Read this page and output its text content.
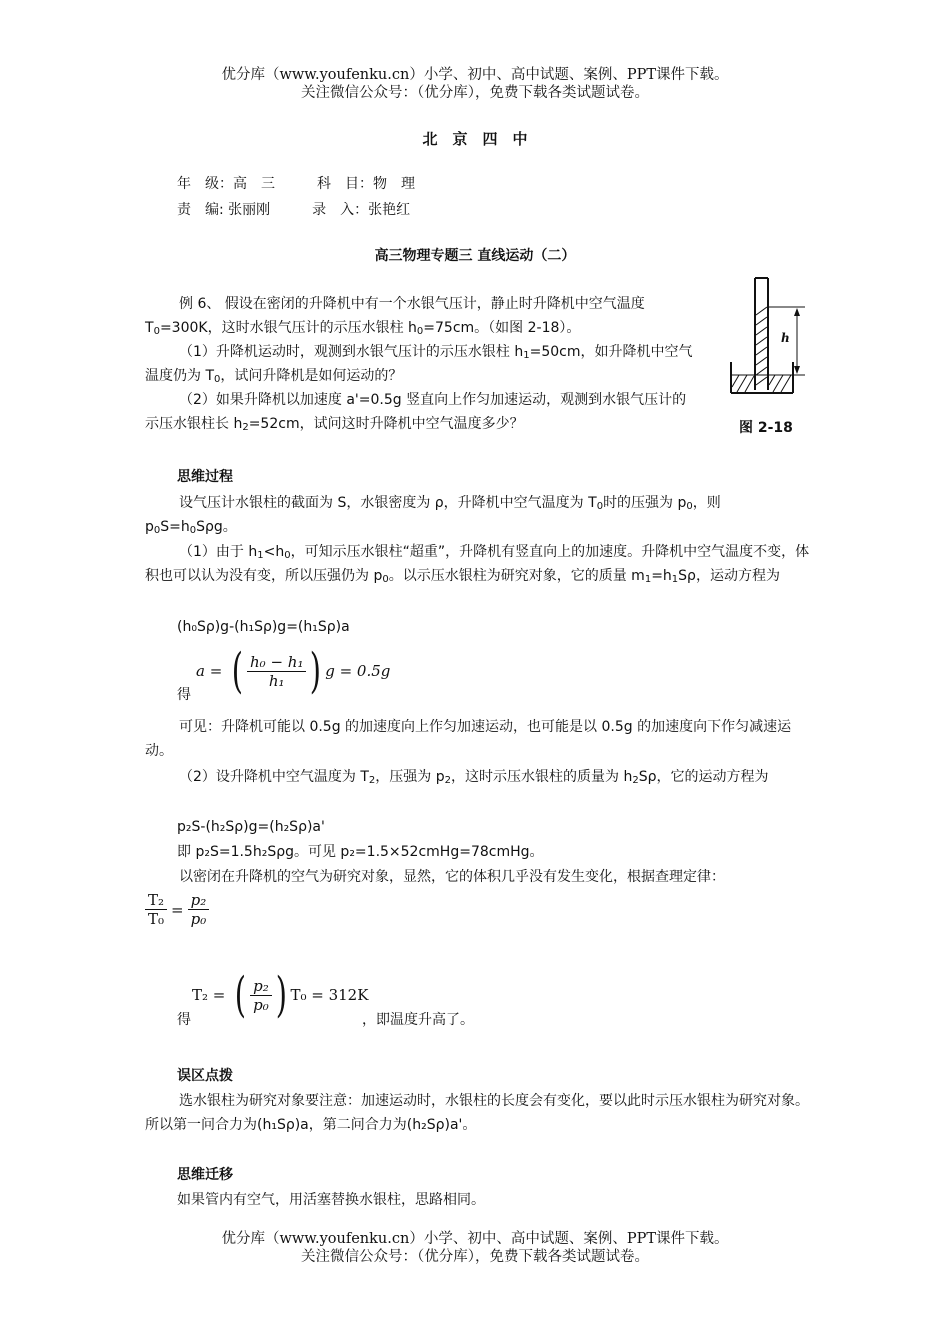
优分库（www.youfenku.cn）小学、初中、高中试题、案例、PPT课件下载。
关注微信公众号：（优分库），免费下载各类试题试卷。
北　京　四　中
年　级：高　三　　　科　目：物　理
责　编: 张丽刚　　　录　入：张艳红
高三物理专题三 直线运动（二）
h
图 2-18
例 6、 假设在密闭的升降机中有一个水银气压计，静止时升降机中空气温度 $T_0=300K$，这时水银气压计的示压水银柱 $h_0=75cm$。（如图 2-18）。
（1）升降机运动时，观测到水银气压计的示压水银柱 $h_1=50cm$，如升降机中空气温度仍为 $T_0$，试问升降机是如何运动的？
（2）如果升降机以加速度 a'=0.5g 竖直向上作匀加速运动，观测到水银气压计的示压水银柱长 $h_2=52cm$，试问这时升降机中空气温度多少？
思维过程
设气压计水银柱的截面为 S，水银密度为 ρ，升降机中空气温度为 $T_0$时的压强为 $p_0$，则 $p_0S=h_0S\rho g$。
（1）由于 $h_1<h_0$，可知示压水银柱“超重”，升降机有竖直向上的加速度。升降机中空气温度不变，体积也可以认为没有变，所以压强仍为 $p_0$。以示压水银柱为研究对象，它的质量 $m_1=h_1S\rho$，运动方程为
(h₀Sρ)g-(h₁Sρ)g=(h₁Sρ)a
得
a = ( $\frac{\text{h₀ − h₁}}{\text{h₁}}$ ) g = 0.5g
可见：升降机可能以 0.5g 的加速度向上作匀加速运动，也可能是以 0.5g 的加速度向下作匀减速运动。
（2）设升降机中空气温度为 $T_2$，压强为 $p_2$，这时示压水银柱的质量为 $h_2S\rho$，它的运动方程为
p₂S-(h₂Sρ)g=(h₂Sρ)a'
即 p₂S=1.5h₂Sρg。可见 p₂=1.5×52cmHg=78cmHg。
以密闭在升降机的空气为研究对象，显然，它的体积几乎没有发生变化，根据查理定律：
$\frac{\text{T₂}}{\text{T₀}} = \frac{\text{p₂}}{\text{p₀}}$
得
T₂ = ( $\frac{\text{p₂}}{\text{p₀}}$ ) T₀ = 312K
，即温度升高了。
误区点拨
选水银柱为研究对象要注意：加速运动时，水银柱的长度会有变化，要以此时示压水银柱为研究对象。所以第一问合力为(h₁Sρ)a，第二问合力为(h₂Sρ)a'。
思维迁移
如果管内有空气，用活塞替换水银柱，思路相同。
优分库（www.youfenku.cn）小学、初中、高中试题、案例、PPT课件下载。
关注微信公众号：（优分库），免费下载各类试题试卷。
